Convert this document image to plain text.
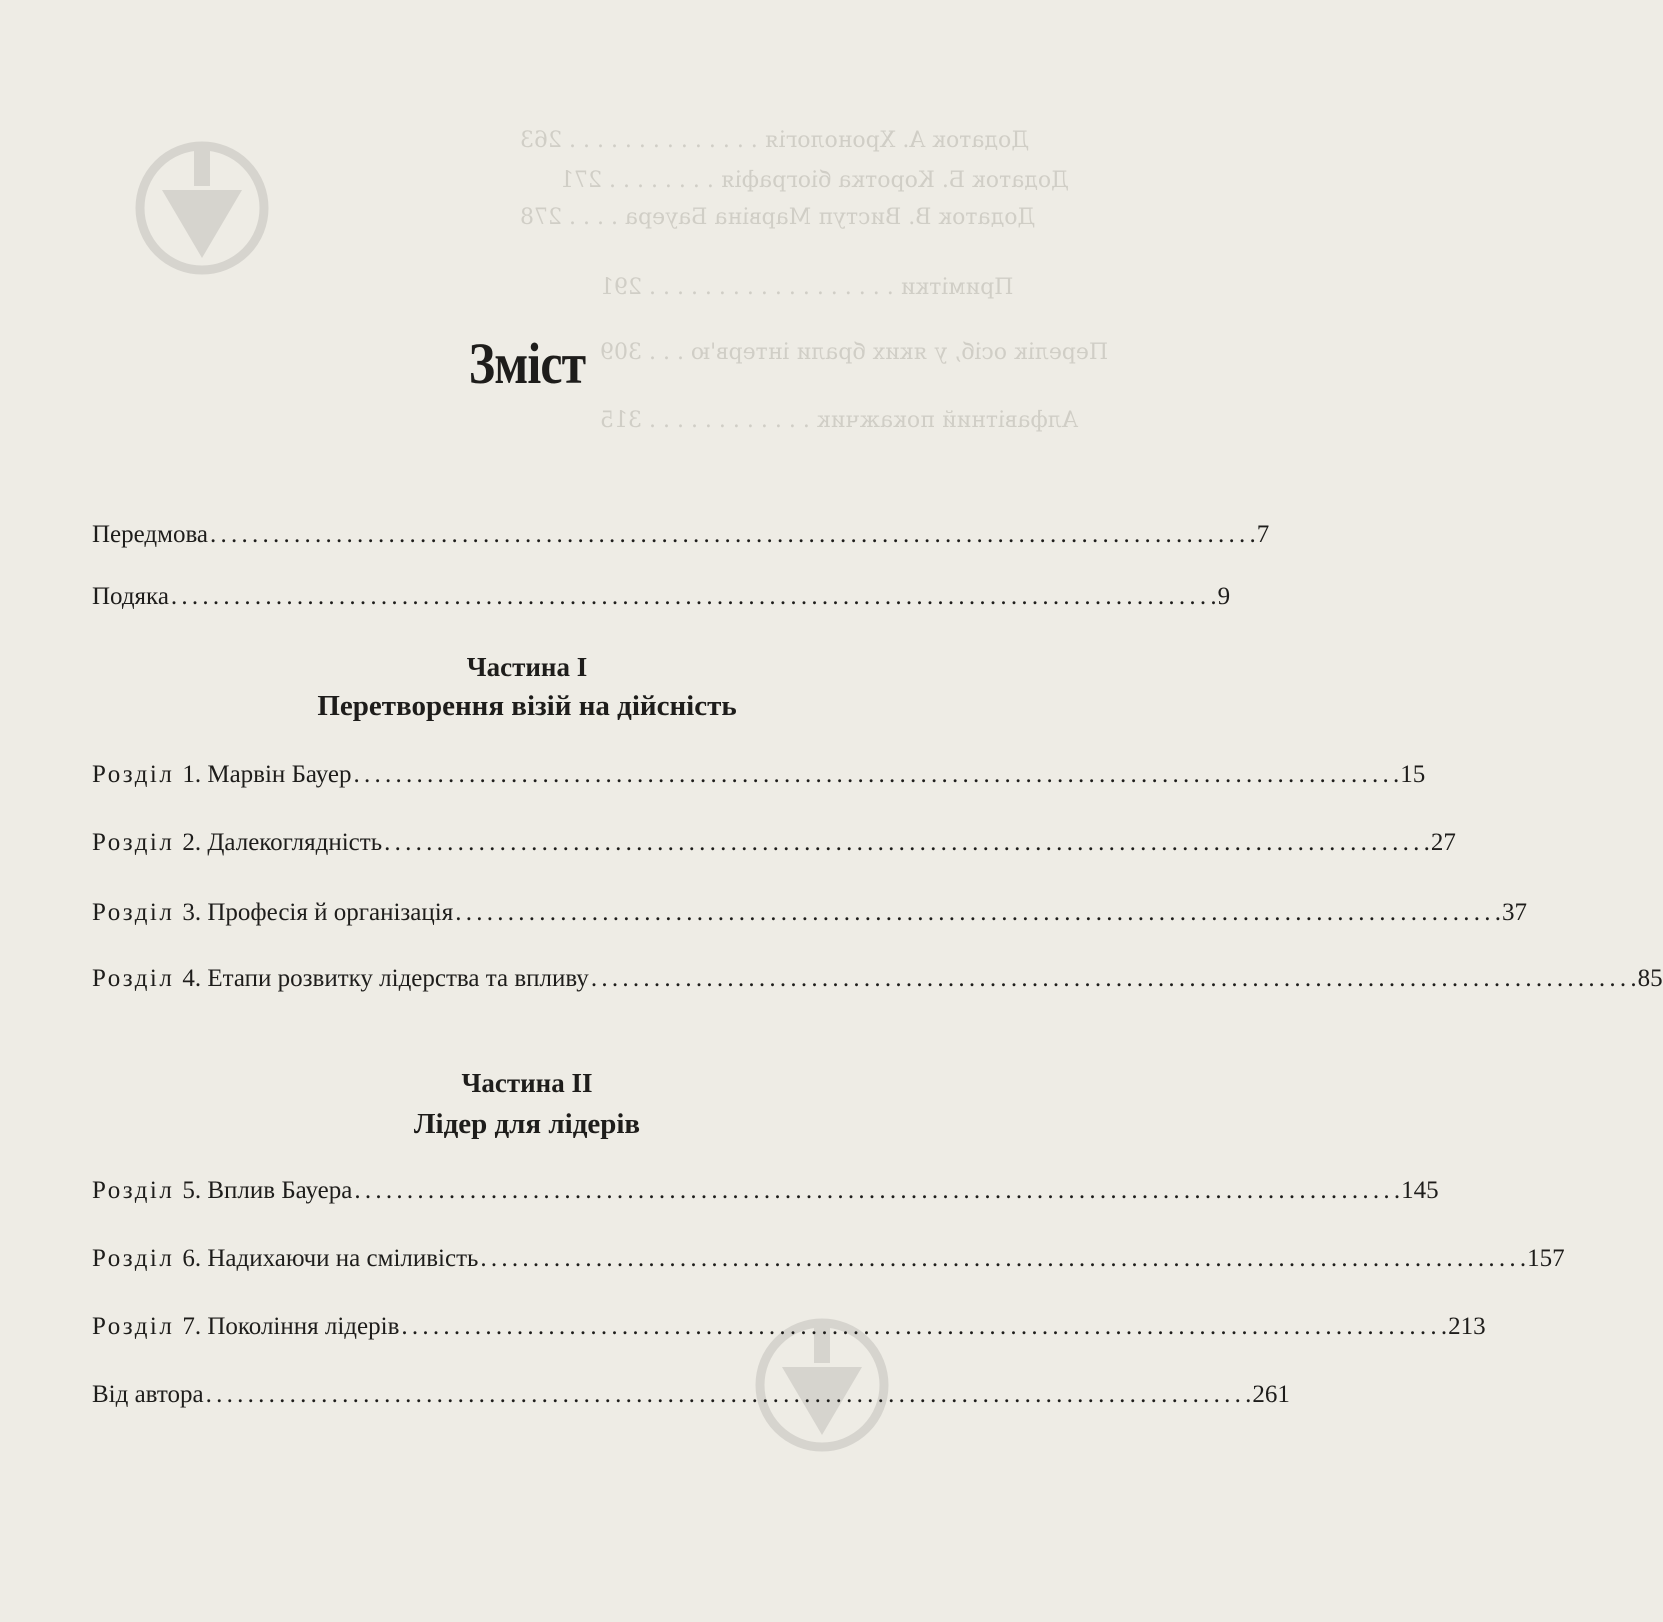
Додаток A. Хронологія . . . . . . . . . . . . . . 263
Додаток Б. Коротка біографія . . . . . . . . 271
Додаток В. Виступ Марвіна Бауера . . . . 278
Примітки . . . . . . . . . . . . . . . . . . 291
Перелік осіб, у яких брали інтерв'ю . . . 309
Алфавітний покажчик . . . . . . . . . . . . 315
Зміст
Передмова . . .	7
Подяка . . .	9
Частина І
Перетворення візій на дійсність
Розділ 1. Марвін Бауер . . .	15
Розділ 2. Далекоглядність . . .	27
Розділ 3. Професія й організація . . .	37
Розділ 4. Етапи розвитку лідерства та впливу . . .	85
Частина ІІ
Лідер для лідерів
Розділ 5. Вплив Бауера . . .	145
Розділ 6. Надихаючи на сміливість . . .	157
Розділ 7. Покоління лідерів . . .	213
Від автора . . .	261
